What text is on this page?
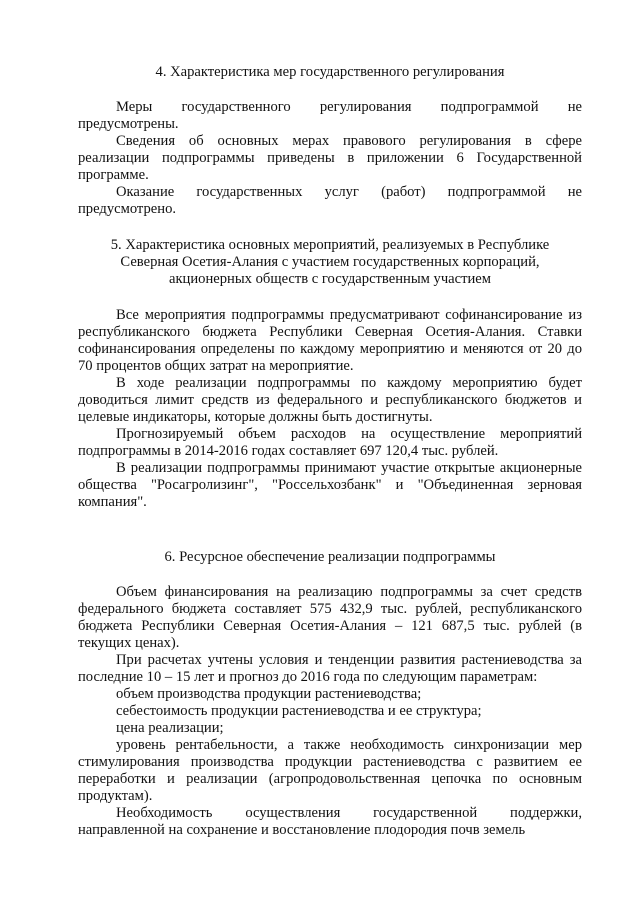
4. Характеристика мер государственного регулирования
Меры государственного регулирования подпрограммой не предусмотрены.
Сведения об основных мерах правового регулирования в сфере реализации подпрограммы приведены в приложении 6 Государственной программе.
Оказание государственных услуг (работ) подпрограммой не предусмотрено.
5. Характеристика основных мероприятий, реализуемых в Республике
Северная Осетия-Алания с участием государственных корпораций,
акционерных обществ с государственным участием
Все мероприятия подпрограммы предусматривают софинансирование из республиканского бюджета Республики Северная Осетия-Алания. Ставки софинансирования определены по каждому мероприятию и меняются от 20 до 70 процентов общих затрат на мероприятие.
В ходе реализации подпрограммы по каждому мероприятию будет доводиться лимит средств из федерального и республиканского бюджетов и целевые индикаторы, которые должны быть достигнуты.
Прогнозируемый объем расходов на осуществление мероприятий подпрограммы в 2014-2016 годах составляет 697 120,4 тыс. рублей.
В реализации подпрограммы принимают участие открытые акционерные общества "Росагролизинг", "Россельхозбанк" и "Объединенная зерновая компания".
6. Ресурсное обеспечение реализации подпрограммы
Объем финансирования на реализацию подпрограммы за счет средств федерального бюджета составляет 575 432,9 тыс. рублей, республиканского бюджета Республики Северная Осетия-Алания – 121 687,5 тыс. рублей (в текущих ценах).
При расчетах учтены условия и тенденции развития растениеводства за последние 10 – 15 лет и прогноз до 2016 года по следующим параметрам:
объем производства продукции растениеводства;
себестоимость продукции растениеводства и ее структура;
цена реализации;
уровень рентабельности, а также необходимость синхронизации мер стимулирования производства продукции растениеводства с развитием ее переработки и реализации (агропродовольственная цепочка по основным продуктам).
Необходимость осуществления государственной поддержки, направленной на сохранение и восстановление плодородия почв земель
